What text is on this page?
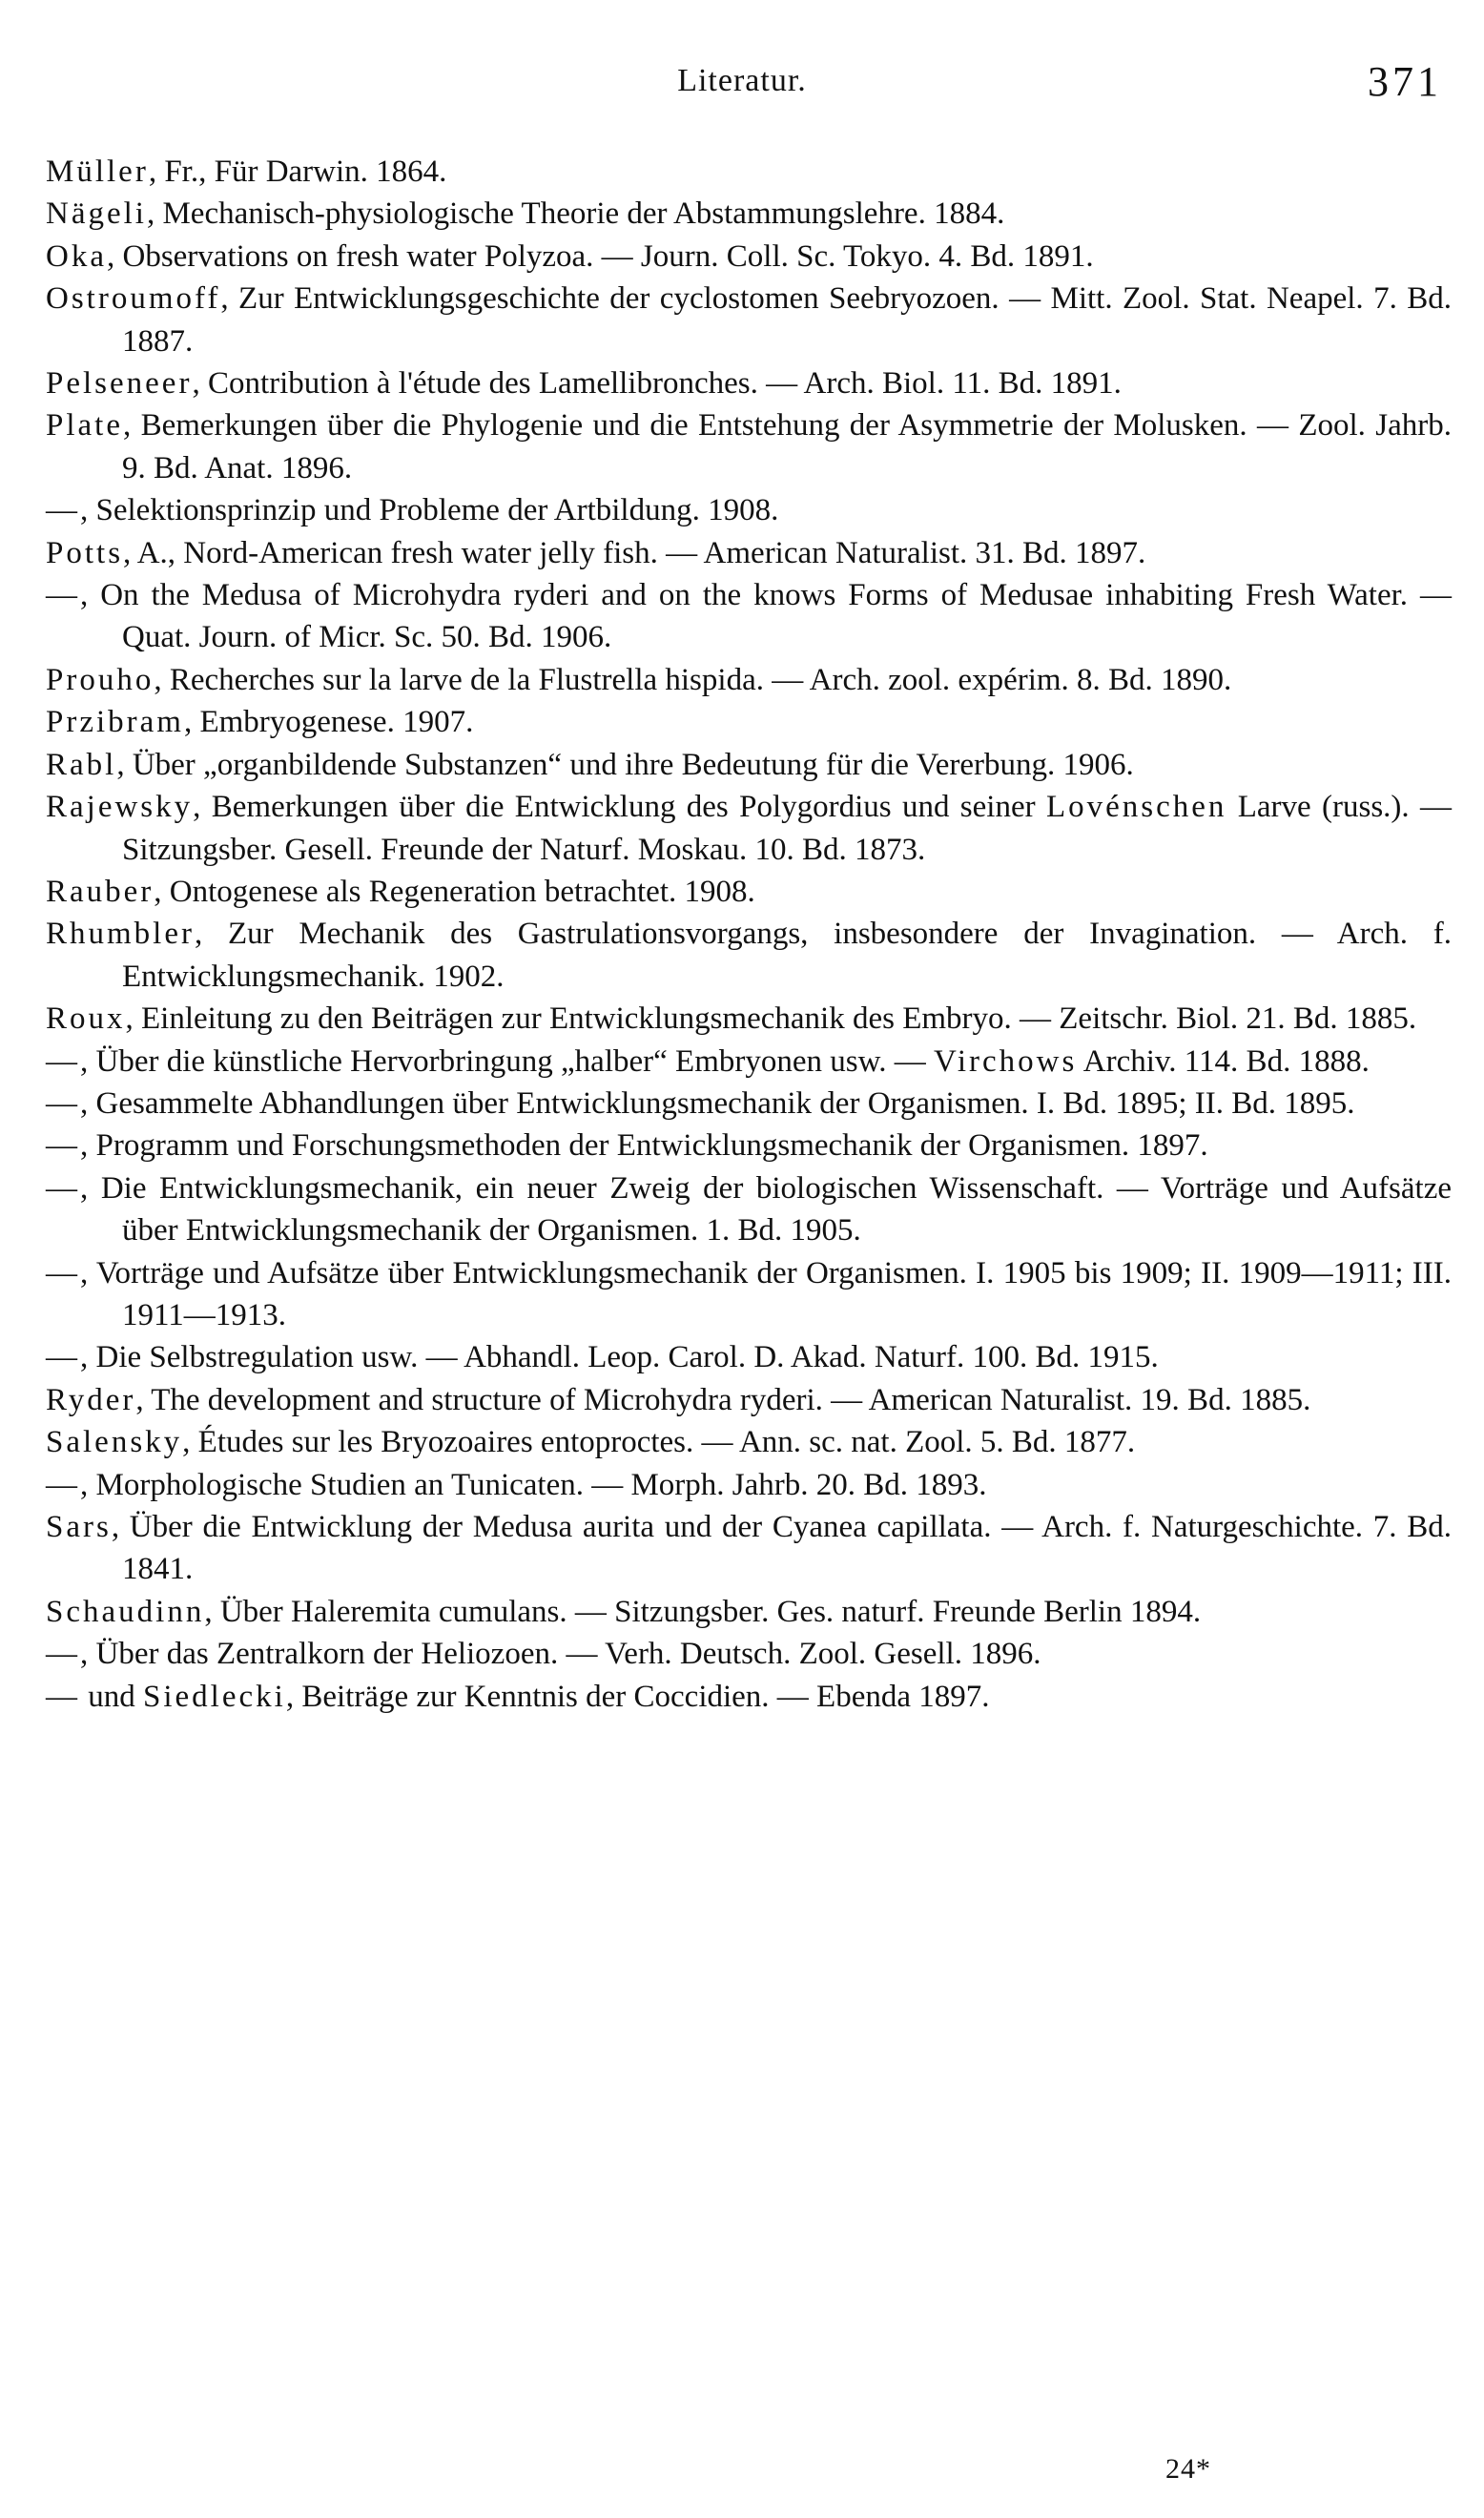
Literatur.	371
Müller, Fr., Für Darwin. 1864.
Nägeli, Mechanisch-physiologische Theorie der Abstammungslehre. 1884.
Oka, Observations on fresh water Polyzoa. — Journ. Coll. Sc. Tokyo. 4. Bd. 1891.
Ostroumoff, Zur Entwicklungsgeschichte der cyclostomen Seebryozoen. — Mitt. Zool. Stat. Neapel. 7. Bd. 1887.
Pelseneer, Contribution à l'étude des Lamellibronches. — Arch. Biol. 11. Bd. 1891.
Plate, Bemerkungen über die Phylogenie und die Entstehung der Asymmetrie der Molusken. — Zool. Jahrb. 9. Bd. Anat. 1896.
—, Selektionsprinzip und Probleme der Artbildung. 1908.
Potts, A., Nord-American fresh water jelly fish. — American Naturalist. 31. Bd. 1897.
—, On the Medusa of Microhydra ryderi and on the knows Forms of Medusae inhabiting Fresh Water. — Quat. Journ. of Micr. Sc. 50. Bd. 1906.
Prouho, Recherches sur la larve de la Flustrella hispida. — Arch. zool. expérim. 8. Bd. 1890.
Przibram, Embryogenese. 1907.
Rabl, Über „organbildende Substanzen“ und ihre Bedeutung für die Vererbung. 1906.
Rajewsky, Bemerkungen über die Entwicklung des Polygordius und seiner Lovénschen Larve (russ.). — Sitzungsber. Gesell. Freunde der Naturf. Moskau. 10. Bd. 1873.
Rauber, Ontogenese als Regeneration betrachtet. 1908.
Rhumbler, Zur Mechanik des Gastrulationsvorgangs, insbesondere der Invagination. — Arch. f. Entwicklungsmechanik. 1902.
Roux, Einleitung zu den Beiträgen zur Entwicklungsmechanik des Embryo. — Zeitschr. Biol. 21. Bd. 1885.
—, Über die künstliche Hervorbringung „halber“ Embryonen usw. — Virchows Archiv. 114. Bd. 1888.
—, Gesammelte Abhandlungen über Entwicklungsmechanik der Organismen. I. Bd. 1895; II. Bd. 1895.
—, Programm und Forschungsmethoden der Entwicklungsmechanik der Organismen. 1897.
—, Die Entwicklungsmechanik, ein neuer Zweig der biologischen Wissenschaft. — Vorträge und Aufsätze über Entwicklungsmechanik der Organismen. 1. Bd. 1905.
—, Vorträge und Aufsätze über Entwicklungsmechanik der Organismen. I. 1905 bis 1909; II. 1909—1911; III. 1911—1913.
—, Die Selbstregulation usw. — Abhandl. Leop. Carol. D. Akad. Naturf. 100. Bd. 1915.
Ryder, The development and structure of Microhydra ryderi. — American Naturalist. 19. Bd. 1885.
Salensky, Études sur les Bryozoaires entoproctes. — Ann. sc. nat. Zool. 5. Bd. 1877.
—, Morphologische Studien an Tunicaten. — Morph. Jahrb. 20. Bd. 1893.
Sars, Über die Entwicklung der Medusa aurita und der Cyanea capillata. — Arch. f. Naturgeschichte. 7. Bd. 1841.
Schaudinn, Über Haleremita cumulans. — Sitzungsber. Ges. naturf. Freunde Berlin 1894.
—, Über das Zentralkorn der Heliozoen. — Verh. Deutsch. Zool. Gesell. 1896.
— und Siedlecki, Beiträge zur Kenntnis der Coccidien. — Ebenda 1897.
24*
